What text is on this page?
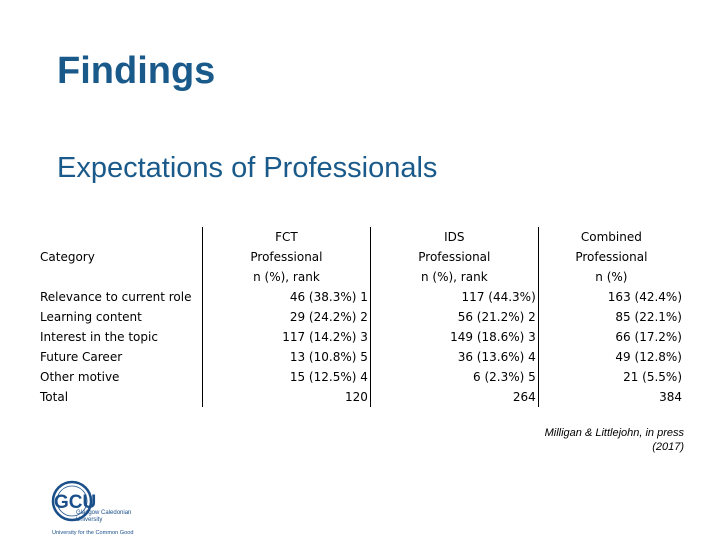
Findings
Expectations of Professionals
Category	FCT	IDS	Combined
	Professional	Professional	Professional
	n (%), rank	n (%), rank	n (%)
Relevance to current role	46 (38.3%) 1	117 (44.3%)	163 (42.4%)
Learning content	29 (24.2%) 2	56 (21.2%) 2	85 (22.1%)
Interest in the topic	117 (14.2%) 3	149 (18.6%) 3	66 (17.2%)
Future Career	13 (10.8%) 5	36 (13.6%) 4	49 (12.8%)
Other motive	15 (12.5%) 4	6 (2.3%) 5	21 (5.5%)
Total	120	264	384
Milligan & Littlejohn, in press
(2017)
GCU
Glasgow Caledonian
University
University for the Common Good
